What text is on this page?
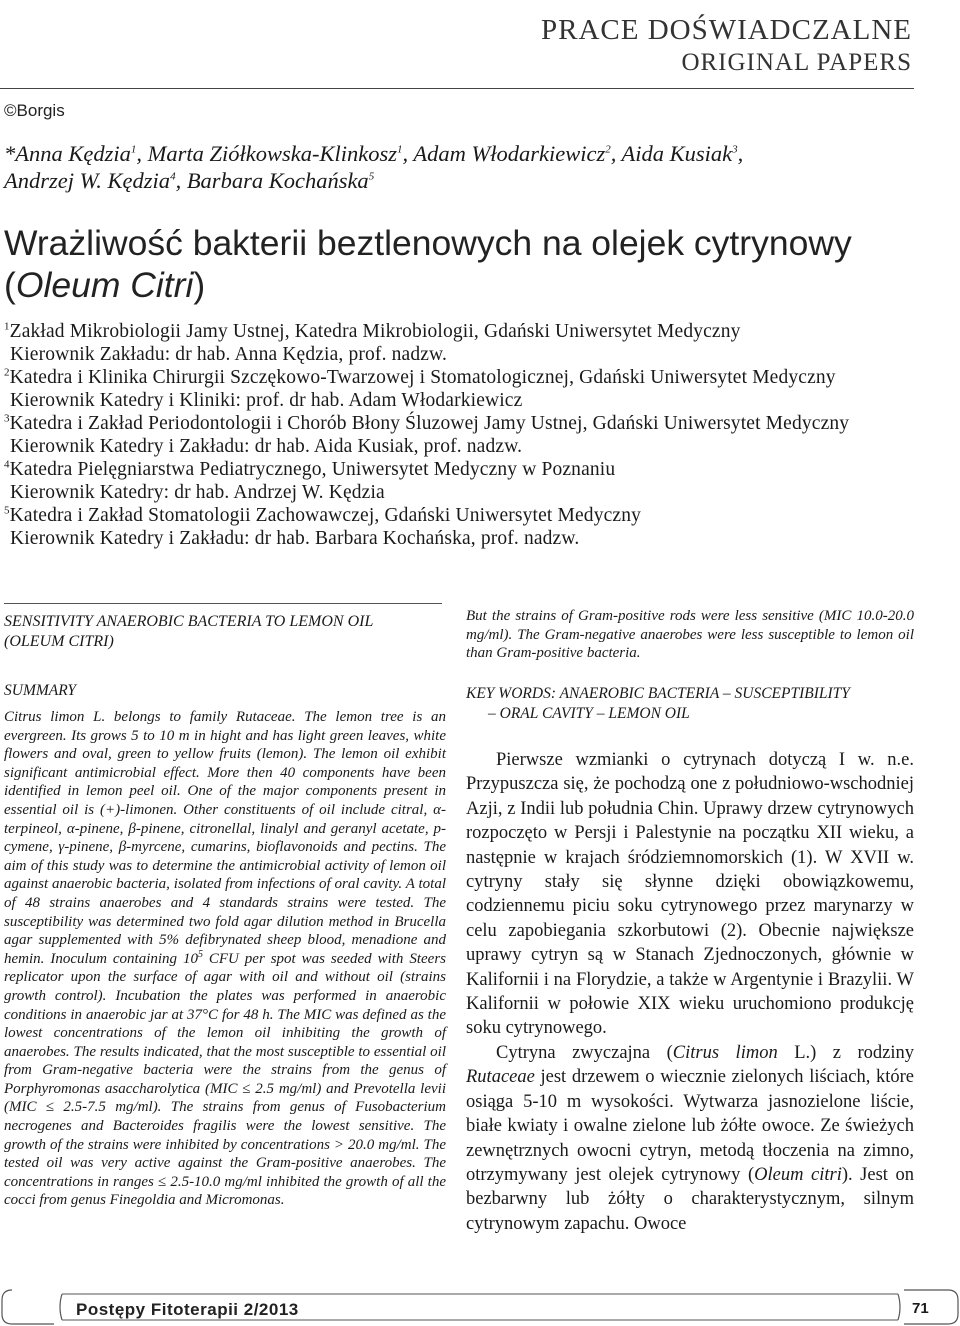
PRACE DOŚWIADCZALNE
ORIGINAL PAPERS
©Borgis
*Anna Kędzia$^1$, Marta Ziółkowska-Klinkosz$^1$, Adam Włodarkiewicz$^2$, Aida Kusiak$^3$,
Andrzej W. Kędzia$^4$, Barbara Kochańska$^5$
Wrażliwość bakterii beztlenowych na olejek cytrynowy
(Oleum Citri)
$^1$Zakład Mikrobiologii Jamy Ustnej, Katedra Mikrobiologii, Gdański Uniwersytet Medyczny
Kierownik Zakładu: dr hab. Anna Kędzia, prof. nadzw.
$^2$Katedra i Klinika Chirurgii Szczękowo-Twarzowej i Stomatologicznej, Gdański Uniwersytet Medyczny
Kierownik Katedry i Kliniki: prof. dr hab. Adam Włodarkiewicz
$^3$Katedra i Zakład Periodontologii i Chorób Błony Śluzowej Jamy Ustnej, Gdański Uniwersytet Medyczny
Kierownik Katedry i Zakładu: dr hab. Aida Kusiak, prof. nadzw.
$^4$Katedra Pielęgniarstwa Pediatrycznego, Uniwersytet Medyczny w Poznaniu
Kierownik Katedry: dr hab. Andrzej W. Kędzia
$^5$Katedra i Zakład Stomatologii Zachowawczej, Gdański Uniwersytet Medyczny
Kierownik Katedry i Zakładu: dr hab. Barbara Kochańska, prof. nadzw.
SENSITIVITY ANAEROBIC BACTERIA TO LEMON OIL
(OLEUM CITRI)
SUMMARY
Citrus limon L. belongs to family Rutaceae. The lemon tree is an evergreen. Its grows 5 to 10 m in hight and has light green leaves, white flowers and oval, green to yellow fruits (lemon). The lemon oil exhibit significant antimicrobial effect. More then 40 components have been identified in lemon peel oil. One of the major components present in essential oil is (+)-limonen. Other constituents of oil include citral, α-terpineol, α-pinene, β-pinene, citronellal, linalyl and geranyl acetate, p-cymene, γ-pinene, β-myrcene, cumarins, bioflavonoids and pectins. The aim of this study was to determine the antimicrobial activity of lemon oil against anaerobic bacteria, isolated from infections of oral cavity. A total of 48 strains anaerobes and 4 standards strains were tested. The susceptibility was determined two fold agar dilution method in Brucella agar supplemented with 5% defibrynated sheep blood, menadione and hemin. Inoculum containing $10^5$ CFU per spot was seeded with Steers replicator upon the surface of agar with oil and without oil (strains growth control). Incubation the plates was performed in anaerobic conditions in anaerobic jar at 37°C for 48 h. The MIC was defined as the lowest concentrations of the lemon oil inhibiting the growth of anaerobes. The results indicated, that the most susceptible to essential oil from Gram-negative bacteria were the strains from the genus of Porphyromonas asaccharolytica (MIC ≤ 2.5 mg/ml) and Prevotella levii (MIC ≤ 2.5-7.5 mg/ml). The strains from genus of Fusobacterium necrogenes and Bacteroides fragilis were the lowest sensitive. The growth of the strains were inhibited by concentrations > 20.0 mg/ml. The tested oil was very active against the Gram-positive anaerobes. The concentrations in ranges ≤ 2.5-10.0 mg/ml inhibited the growth of all the cocci from genus Finegoldia and Micromonas.
But the strains of Gram-positive rods were less sensitive (MIC 10.0-20.0 mg/ml). The Gram-negative anaerobes were less susceptible to lemon oil than Gram-positive bacteria.
KEY WORDS: ANAEROBIC BACTERIA – SUSCEPTIBILITY
– ORAL CAVITY – LEMON OIL

Pierwsze wzmianki o cytrynach dotyczą I w. n.e. Przypuszcza się, że pochodzą one z południowo-wschodniej Azji, z Indii lub południa Chin. Uprawy drzew cytrynowych rozpoczęto w Persji i Palestynie na początku XII wieku, a następnie w krajach śródziemnomorskich (1). W XVII w. cytryny stały się słynne dzięki obowiązkowemu, codziennemu piciu soku cytrynowego przez marynarzy w celu zapobiegania szkorbutowi (2). Obecnie największe uprawy cytryn są w Stanach Zjednoczonych, głównie w Kalifornii i na Florydzie, a także w Argentynie i Brazylii. W Kalifornii w połowie XIX wieku uruchomiono produkcję soku cytrynowego.

Cytryna zwyczajna (Citrus limon L.) z rodziny Rutaceae jest drzewem o wiecznie zielonych liściach, które osiąga 5-10 m wysokości. Wytwarza jasnozielone liście, białe kwiaty i owalne zielone lub żółte owoce. Ze świeżych zewnętrznych owocni cytryn, metodą tłoczenia na zimno, otrzymywany jest olejek cytrynowy (Oleum citri). Jest on bezbarwny lub żółty o charakterystycznym, silnym cytrynowym zapachu. Owoce

Postępy Fitoterapii 2/2013	71
